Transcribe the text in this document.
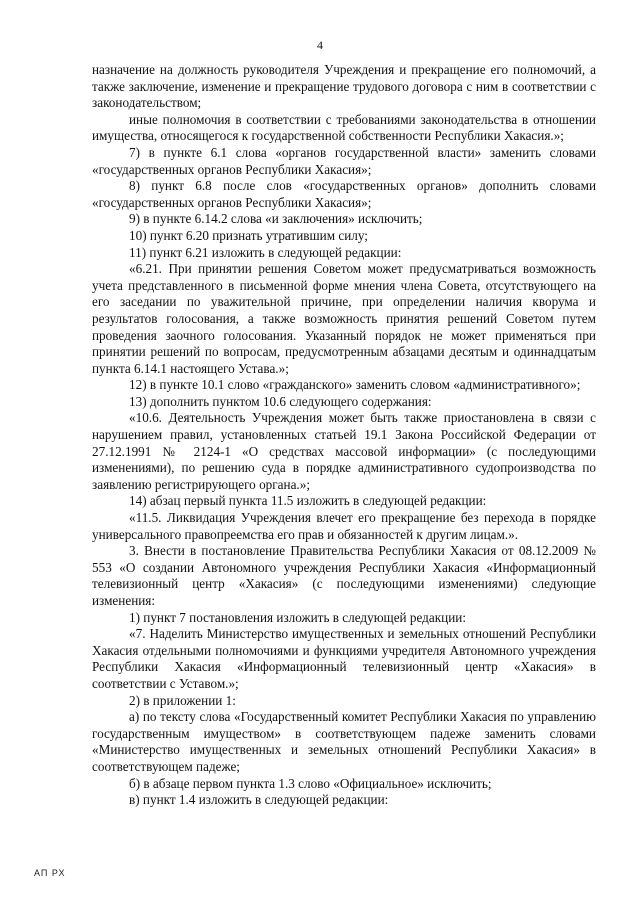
4

назначение на должность руководителя Учреждения и прекращение его полномочий, а также заключение, изменение и прекращение трудового договора с ним в соответствии с законодательством;

иные полномочия в соответствии с требованиями законодательства в отношении имущества, относящегося к государственной собственности Республики Хакасия.»;

7) в пункте 6.1 слова «органов государственной власти» заменить словами «государственных органов Республики Хакасия»;

8) пункт 6.8 после слов «государственных органов» дополнить словами «государственных органов Республики Хакасия»;

9) в пункте 6.14.2 слова «и заключения» исключить;

10) пункт 6.20 признать утратившим силу;

11) пункт 6.21 изложить в следующей редакции:

«6.21. При принятии решения Советом может предусматриваться возможность учета представленного в письменной форме мнения члена Совета, отсутствующего на его заседании по уважительной причине, при определении наличия кворума и результатов голосования, а также возможность принятия решений Советом путем проведения заочного голосования. Указанный порядок не может применяться при принятии решений по вопросам, предусмотренным абзацами десятым и одиннадцатым пункта 6.14.1 настоящего Устава.»;

12) в пункте 10.1 слово «гражданского» заменить словом «административного»;

13) дополнить пунктом 10.6 следующего содержания:

«10.6. Деятельность Учреждения может быть также приостановлена в связи с нарушением правил, установленных статьей 19.1 Закона Российской Федерации от 27.12.1991 № 2124-1 «О средствах массовой информации» (с последующими изменениями), по решению суда в порядке административного судопроизводства по заявлению регистрирующего органа.»;

14) абзац первый пункта 11.5 изложить в следующей редакции:

«11.5. Ликвидация Учреждения влечет его прекращение без перехода в порядке универсального правопреемства его прав и обязанностей к другим лицам.».

3. Внести в постановление Правительства Республики Хакасия от 08.12.2009 № 553 «О создании Автономного учреждения Республики Хакасия «Информационный телевизионный центр «Хакасия» (с последующими изменениями) следующие изменения:

1) пункт 7 постановления изложить в следующей редакции:

«7. Наделить Министерство имущественных и земельных отношений Республики Хакасия отдельными полномочиями и функциями учредителя Автономного учреждения Республики Хакасия «Информационный телевизионный центр «Хакасия» в соответствии с Уставом.»;

2) в приложении 1:

а) по тексту слова «Государственный комитет Республики Хакасия по управлению государственным имуществом» в соответствующем падеже заменить словами «Министерство имущественных и земельных отношений Республики Хакасия» в соответствующем падеже;

б) в абзаце первом пункта 1.3 слово «Официальное» исключить;

в) пункт 1.4 изложить в следующей редакции:

АП РХ
